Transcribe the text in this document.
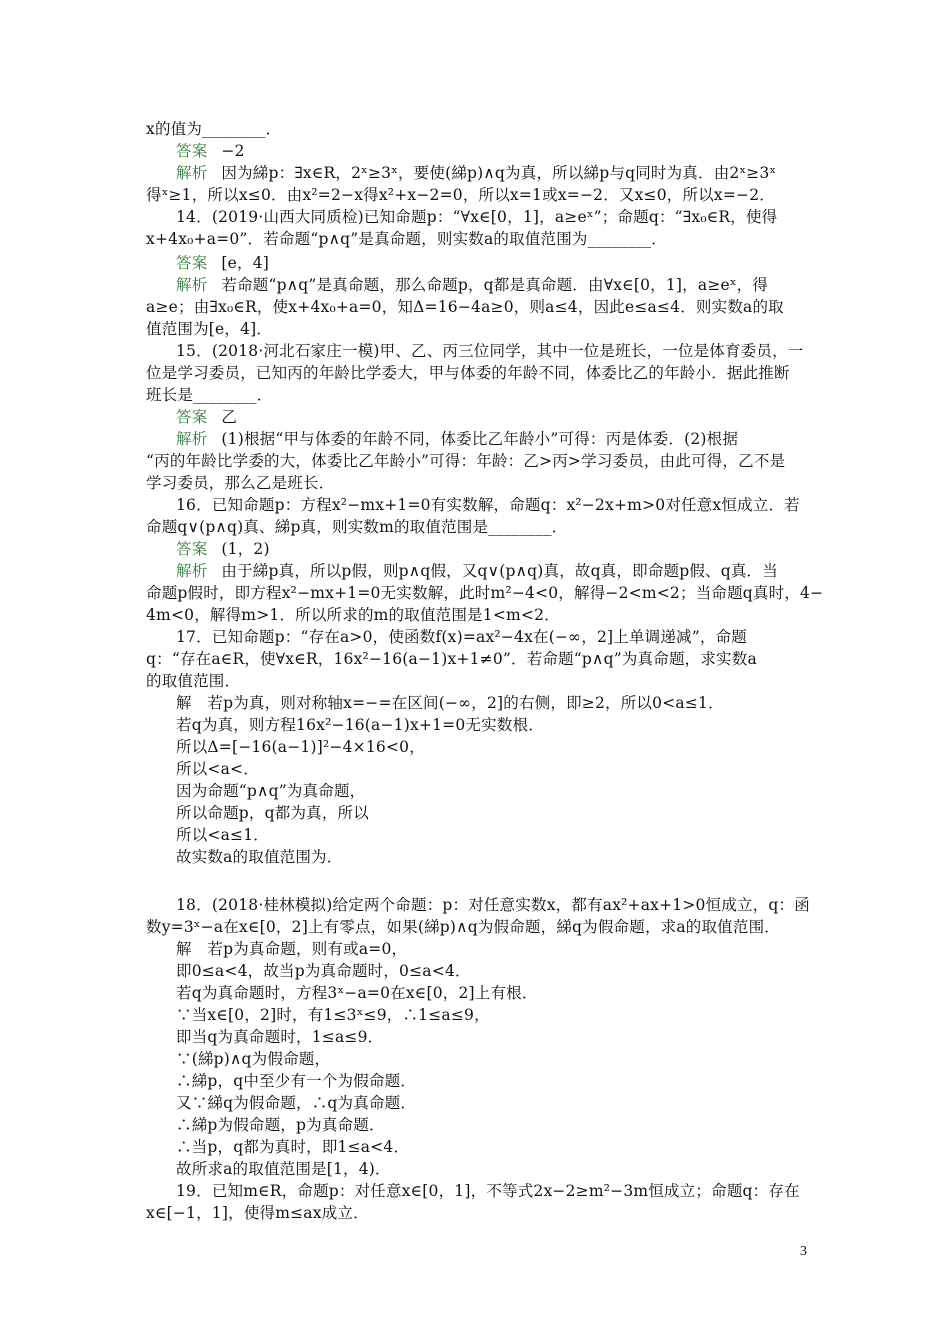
x的值为________．
答案 −2
解析 因为綈p：∃x∈R，2ˣ≥3ˣ，要使(綈p)∧q为真，所以綈p与q同时为真．由2ˣ≥3ˣ
得ˣ≥1，所以x≤0．由x²=2−x得x²+x−2=0，所以x=1或x=−2．又x≤0，所以x=−2．
14．(2019·山西大同质检)已知命题p：“∀x∈[0，1]，a≥eˣ”；命题q：“∃x₀∈R，使得
x+4x₀+a=0”．若命题“p∧q”是真命题，则实数a的取值范围为________．
答案 [e，4]
解析 若命题“p∧q”是真命题，那么命题p，q都是真命题．由∀x∈[0，1]，a≥eˣ，得
a≥e；由∃x₀∈R，使x+4x₀+a=0，知Δ=16−4a≥0，则a≤4，因此e≤a≤4．则实数a的取
值范围为[e，4]．
15．(2018·河北石家庄一模)甲、乙、丙三位同学，其中一位是班长，一位是体育委员，一
位是学习委员，已知丙的年龄比学委大，甲与体委的年龄不同，体委比乙的年龄小．据此推断
班长是________．
答案 乙
解析 (1)根据“甲与体委的年龄不同，体委比乙年龄小”可得：丙是体委．(2)根据
“丙的年龄比学委的大，体委比乙年龄小”可得：年龄：乙>丙>学习委员，由此可得，乙不是
学习委员，那么乙是班长．
16．已知命题p：方程x²−mx+1=0有实数解，命题q：x²−2x+m>0对任意x恒成立．若
命题q∨(p∧q)真、綈p真，则实数m的取值范围是________．
答案 (1，2)
解析 由于綈p真，所以p假，则p∧q假，又q∨(p∧q)真，故q真，即命题p假、q真．当
命题p假时，即方程x²−mx+1=0无实数解，此时m²−4<0，解得−2<m<2；当命题q真时，4−
4m<0，解得m>1．所以所求的m的取值范围是1<m<2．
17．已知命题p：“存在a>0，使函数f(x)=ax²−4x在(−∞，2]上单调递减”，命题
q：“存在a∈R，使∀x∈R，16x²−16(a−1)x+1≠0”．若命题“p∧q”为真命题，求实数a
的取值范围．
解　若p为真，则对称轴x=−=在区间(−∞，2]的右侧，即≥2，所以0<a≤1．
若q为真，则方程16x²−16(a−1)x+1=0无实数根．
所以Δ=[−16(a−1)]²−4×16<0，
所以<a<．
因为命题“p∧q”为真命题，
所以命题p，q都为真，所以
所以<a≤1．
故实数a的取值范围为．
18．(2018·桂林模拟)给定两个命题：p：对任意实数x，都有ax²+ax+1>0恒成立，q：函
数y=3ˣ−a在x∈[0，2]上有零点，如果(綈p)∧q为假命题，綈q为假命题，求a的取值范围．
解　若p为真命题，则有或a=0，
即0≤a<4，故当p为真命题时，0≤a<4．
若q为真命题时，方程3ˣ−a=0在x∈[0，2]上有根．
∵当x∈[0，2]时，有1≤3ˣ≤9，∴1≤a≤9，
即当q为真命题时，1≤a≤9．
∵(綈p)∧q为假命题，
∴綈p，q中至少有一个为假命题．
又∵綈q为假命题，∴q为真命题．
∴綈p为假命题，p为真命题．
∴当p，q都为真时，即1≤a<4．
故所求a的取值范围是[1，4)．
19．已知m∈R，命题p：对任意x∈[0，1]，不等式2x−2≥m²−3m恒成立；命题q：存在
x∈[−1，1]，使得m≤ax成立．
3
